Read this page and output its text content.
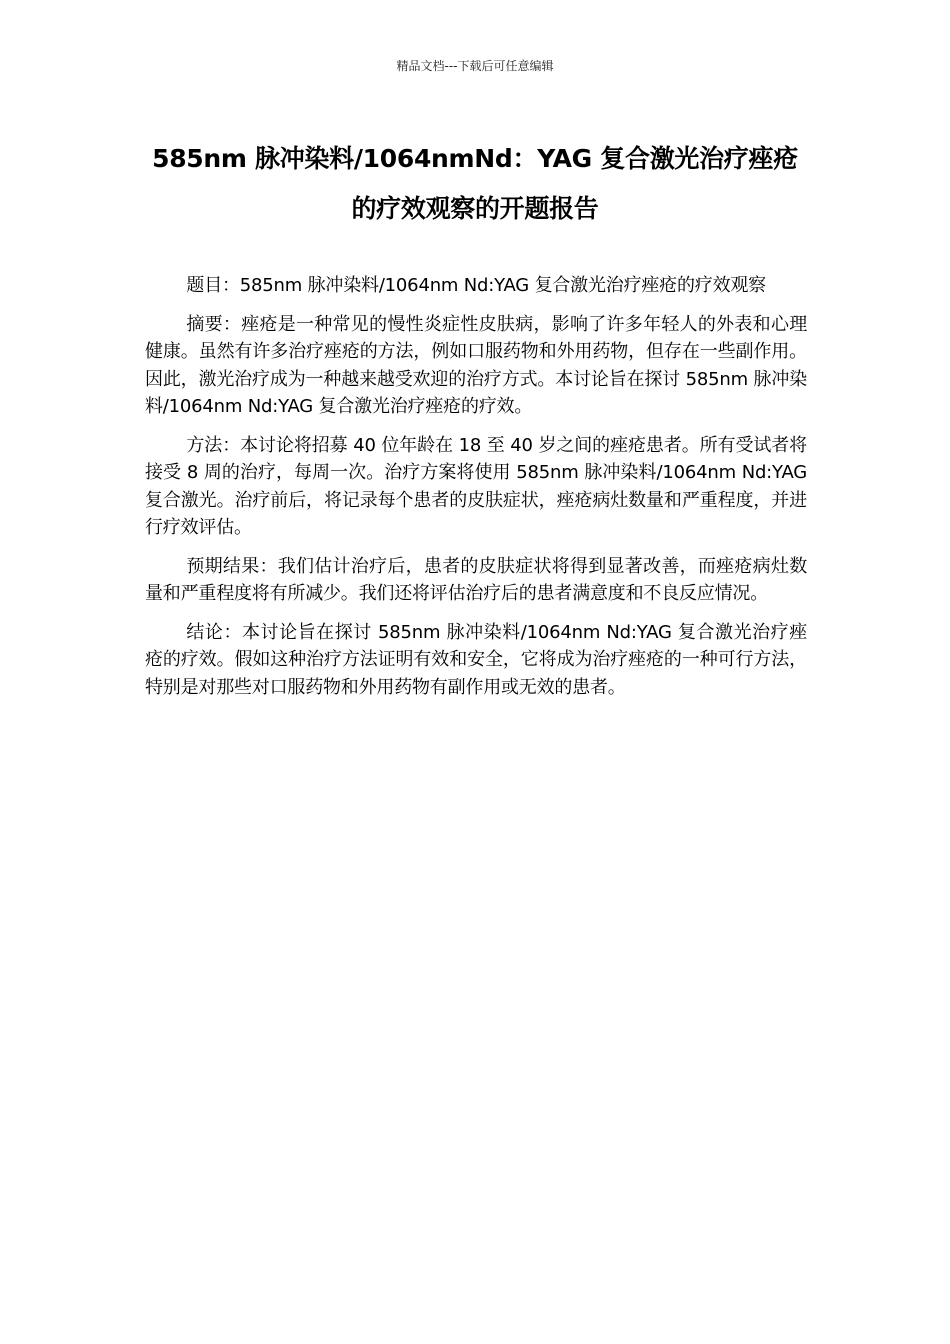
精品文档---下载后可任意编辑
585nm 脉冲染料/1064nmNd：YAG 复合激光治疗痤疮的疗效观察的开题报告

题目：585nm 脉冲染料/1064nm Nd:YAG 复合激光治疗痤疮的疗效观察

摘要：痤疮是一种常见的慢性炎症性皮肤病，影响了许多年轻人的外表和心理健康。虽然有许多治疗痤疮的方法，例如口服药物和外用药物，但存在一些副作用。因此，激光治疗成为一种越来越受欢迎的治疗方式。本讨论旨在探讨 585nm 脉冲染料/1064nm Nd:YAG 复合激光治疗痤疮的疗效。

方法：本讨论将招募 40 位年龄在 18 至 40 岁之间的痤疮患者。所有受试者将接受 8 周的治疗，每周一次。治疗方案将使用 585nm 脉冲染料/1064nm Nd:YAG 复合激光。治疗前后，将记录每个患者的皮肤症状，痤疮病灶数量和严重程度，并进行疗效评估。

预期结果：我们估计治疗后，患者的皮肤症状将得到显著改善，而痤疮病灶数量和严重程度将有所减少。我们还将评估治疗后的患者满意度和不良反应情况。

结论：本讨论旨在探讨 585nm 脉冲染料/1064nm Nd:YAG 复合激光治疗痤疮的疗效。假如这种治疗方法证明有效和安全，它将成为治疗痤疮的一种可行方法，特别是对那些对口服药物和外用药物有副作用或无效的患者。
